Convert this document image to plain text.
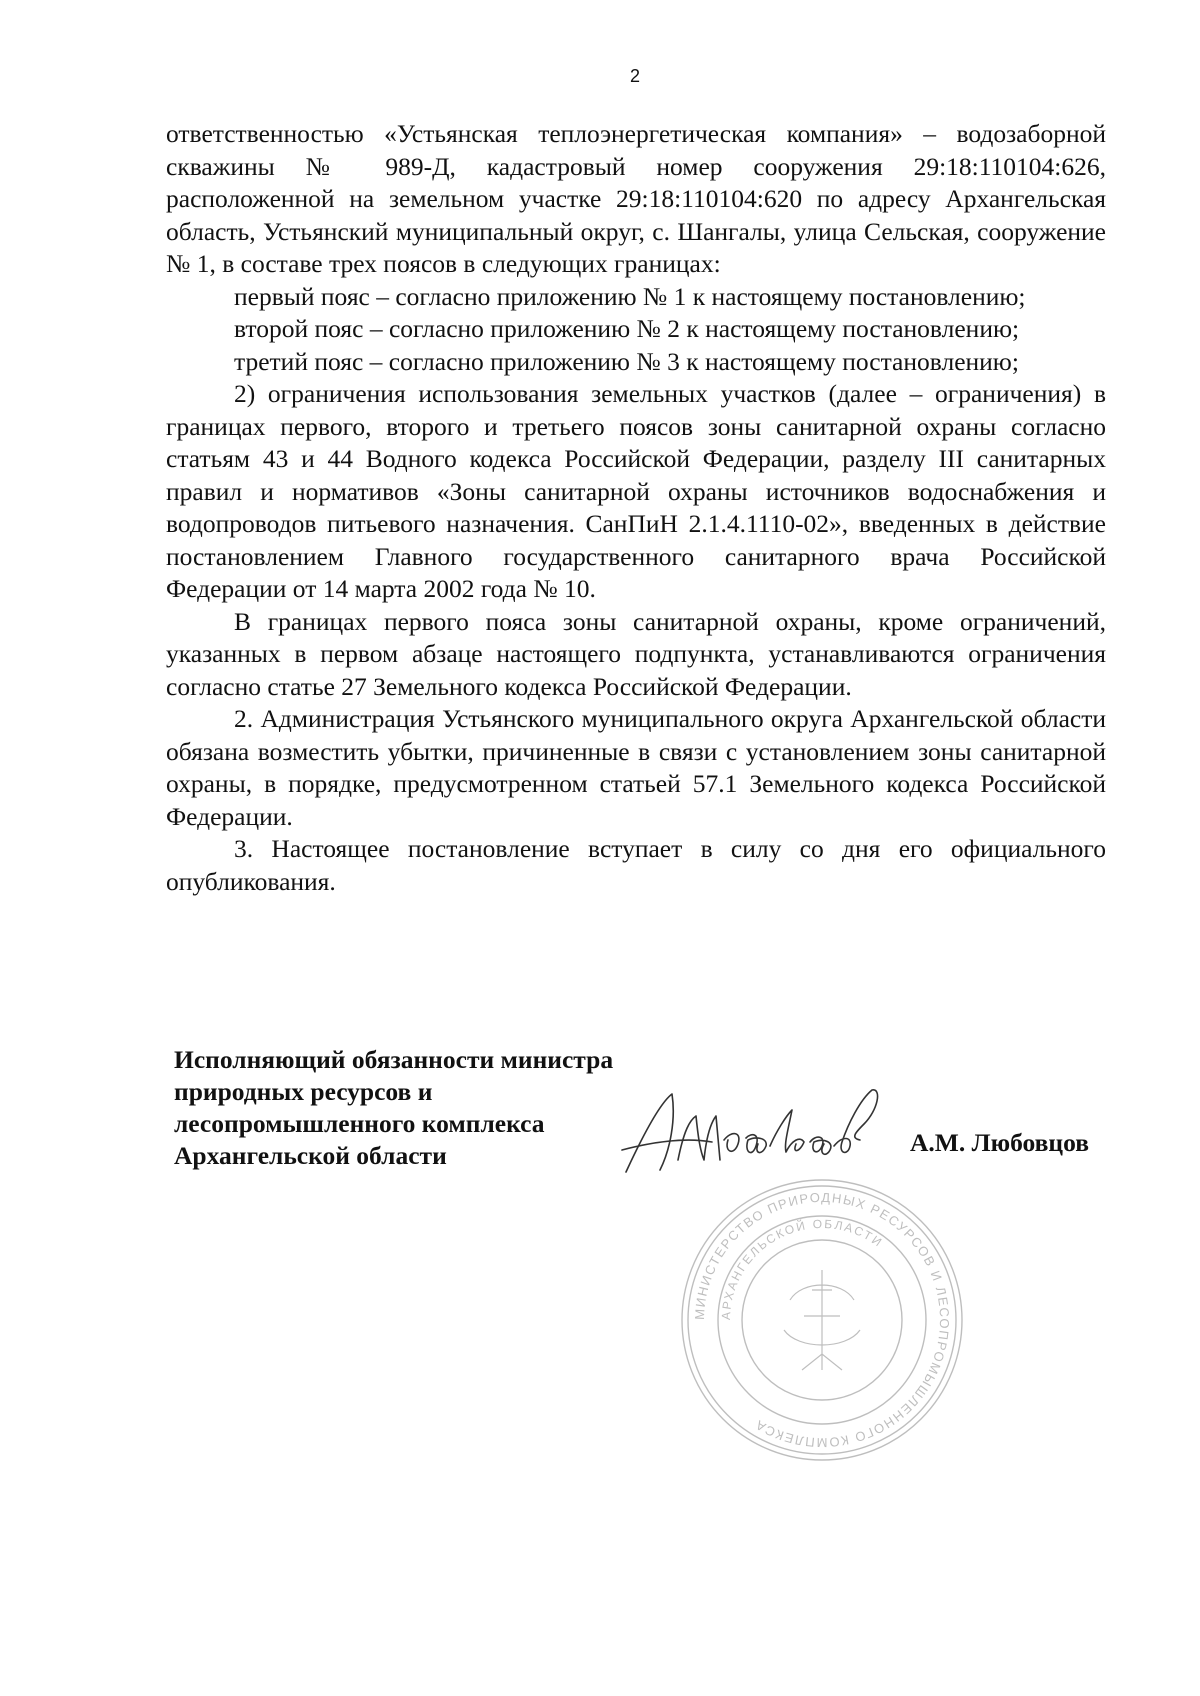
2

ответственностью «Устьянская теплоэнергетическая компания» – водозаборной скважины № 989-Д, кадастровый номер сооружения 29:18:110104:626, расположенной на земельном участке 29:18:110104:620 по адресу Архангельская область, Устьянский муниципальный округ, с. Шангалы, улица Сельская, сооружение № 1, в составе трех поясов в следующих границах:

первый пояс – согласно приложению № 1 к настоящему постановлению;

второй пояс – согласно приложению № 2 к настоящему постановлению;

третий пояс – согласно приложению № 3 к настоящему постановлению;

2) ограничения использования земельных участков (далее – ограничения) в границах первого, второго и третьего поясов зоны санитарной охраны согласно статьям 43 и 44 Водного кодекса Российской Федерации, разделу III санитарных правил и нормативов «Зоны санитарной охраны источников водоснабжения и водопроводов питьевого назначения. СанПиН 2.1.4.1110-02», введенных в действие постановлением Главного государственного санитарного врача Российской Федерации от 14 марта 2002 года № 10.

В границах первого пояса зоны санитарной охраны, кроме ограничений, указанных в первом абзаце настоящего подпункта, устанавливаются ограничения согласно статье 27 Земельного кодекса Российской Федерации.

2. Администрация Устьянского муниципального округа Архангельской области обязана возместить убытки, причиненные в связи с установлением зоны санитарной охраны, в порядке, предусмотренном статьей 57.1 Земельного кодекса Российской Федерации.

3. Настоящее постановление вступает в силу со дня его официального опубликования.

Исполняющий обязанности министра
природных ресурсов и
лесопромышленного комплекса
Архангельской области	А.М. Любовцов
МИНИСТЕРСТВО ПРИРОДНЫХ РЕСУРСОВ И ЛЕСОПРОМЫШЛЕННОГО КОМПЛЕКСА
АРХАНГЕЛЬСКОЙ ОБЛАСТИ
